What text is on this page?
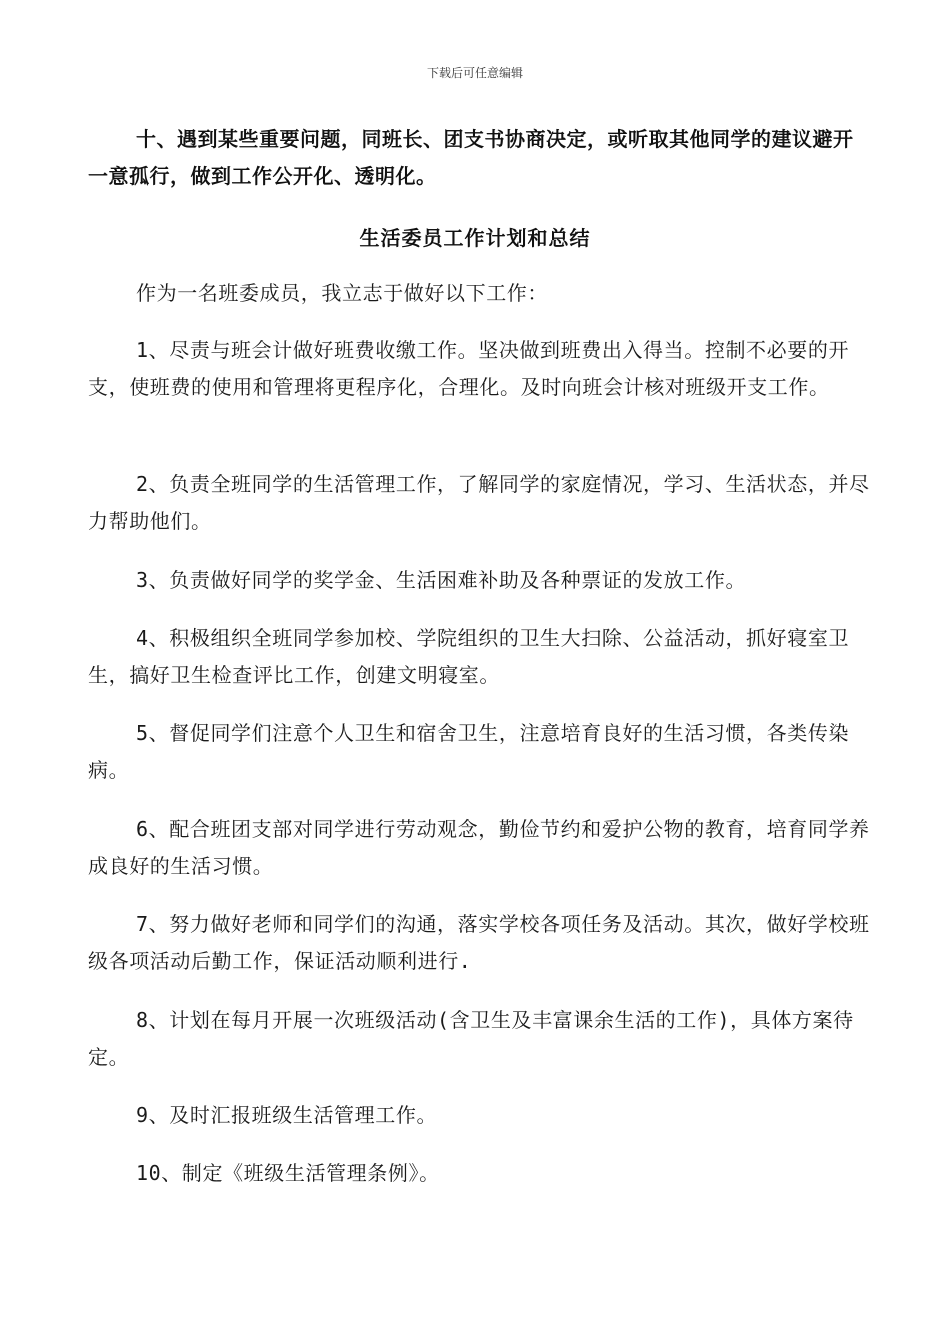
下载后可任意编辑
十、遇到某些重要问题，同班长、团支书协商决定，或听取其他同学的建议避开一意孤行，做到工作公开化、透明化。
生活委员工作计划和总结
作为一名班委成员，我立志于做好以下工作：
1、尽责与班会计做好班费收缴工作。坚决做到班费出入得当。控制不必要的开支，使班费的使用和管理将更程序化，合理化。及时向班会计核对班级开支工作。
2、负责全班同学的生活管理工作，了解同学的家庭情况，学习、生活状态，并尽力帮助他们。
3、负责做好同学的奖学金、生活困难补助及各种票证的发放工作。
4、积极组织全班同学参加校、学院组织的卫生大扫除、公益活动，抓好寝室卫生，搞好卫生检查评比工作，创建文明寝室。
5、督促同学们注意个人卫生和宿舍卫生，注意培育良好的生活习惯，各类传染病。
6、配合班团支部对同学进行劳动观念，勤俭节约和爱护公物的教育，培育同学养成良好的生活习惯。
7、努力做好老师和同学们的沟通，落实学校各项任务及活动。其次，做好学校班级各项活动后勤工作，保证活动顺利进行.
8、计划在每月开展一次班级活动(含卫生及丰富课余生活的工作)，具体方案待定。
9、及时汇报班级生活管理工作。
10、制定《班级生活管理条例》。
